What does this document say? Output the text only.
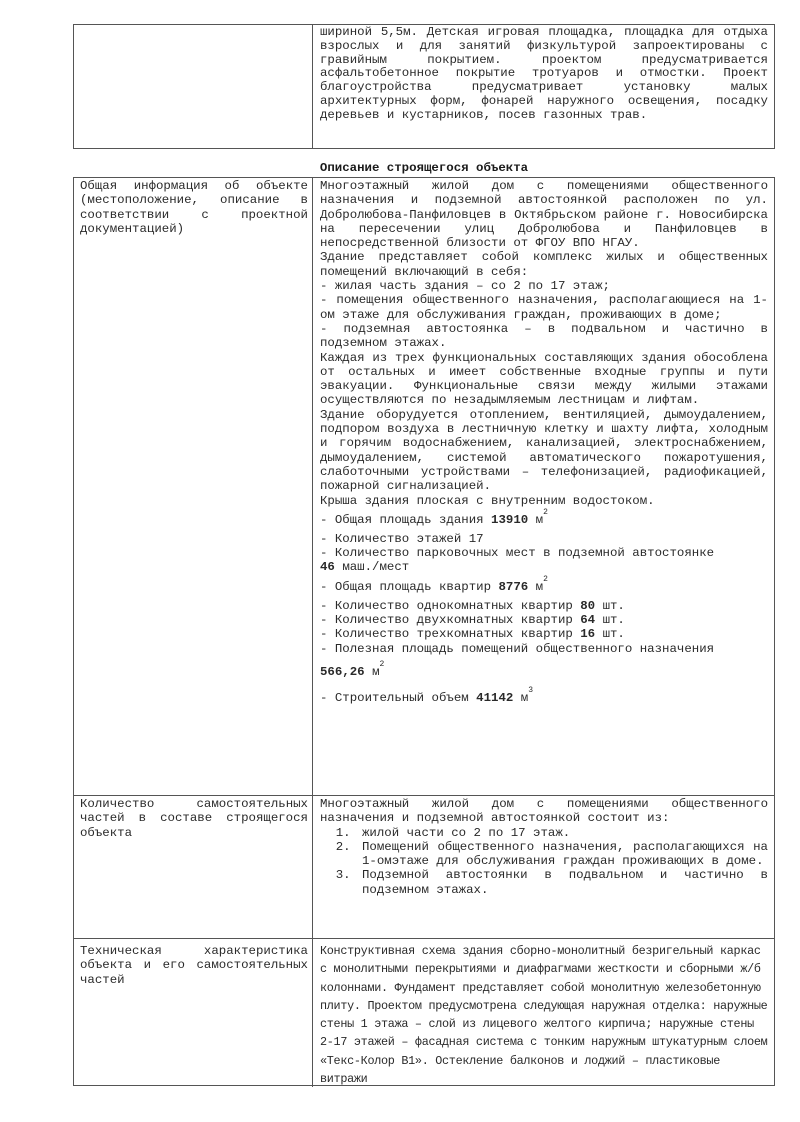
шириной 5,5м. Детская игровая площадка, площадка для отдыха взрослых и для занятий физкультурой запроектированы с гравийным покрытием. проектом предусматривается асфальтобетонное покрытие тротуаров и отмостки. Проект благоустройства предусматривает установку малых архитектурных форм, фонарей наружного освещения, посадку деревьев и кустарников, посев газонных трав.

Описание строящегося объекта

Общая информация об объекте (местоположение, описание в соответствии с проектной документацией)

Многоэтажный жилой дом с помещениями общественного назначения и подземной автостоянкой расположен по ул. Добролюбова-Панфиловцев в Октябрьском районе г. Новосибирска на пересечении улиц Добролюбова и Панфиловцев в непосредственной близости от ФГОУ ВПО НГАУ.

Здание представляет собой комплекс жилых и общественных помещений включающий в себя:

- жилая часть здания – со 2 по 17 этаж;

- помещения общественного назначения, располагающиеся на 1-ом этаже для обслуживания граждан, проживающих в доме;

- подземная автостоянка – в подвальном и частично в подземном этажах.

Каждая из трех функциональных составляющих здания обособлена от остальных и имеет собственные входные группы и пути эвакуации. Функциональные связи между жилыми этажами осуществляются по незадымляемым лестницам и лифтам.

Здание оборудуется отоплением, вентиляцией, дымоудалением, подпором воздуха в лестничную клетку и шахту лифта, холодным и горячим водоснабжением, канализацией, электроснабжением, дымоудалением, системой автоматического пожаротушения, слаботочными устройствами – телефонизацией, радиофикацией, пожарной сигнализацией.

Крыша здания плоская с внутренним водостоком.

- Общая площадь здания 13910 $м^2$

- Количество этажей 17

- Количество парковочных мест в подземной автостоянке
46 маш./мест

- Общая площадь квартир 8776 $м^2$

- Количество однокомнатных квартир 80 шт.

- Количество двухкомнатных квартир 64 шт.

- Количество трехкомнатных квартир 16 шт.

- Полезная площадь помещений общественного назначения

566,26 $м^2$

- Строительный объем 41142 $м^3$

Количество самостоятельных частей в составе строящегося объекта

Многоэтажный жилой дом с помещениями общественного назначения и подземной автостоянкой состоит из:

1. жилой части со 2 по 17 этаж.
2. Помещений общественного назначения, располагающихся на 1-омэтаже для обслуживания граждан проживающих в доме.
3. Подземной автостоянки в подвальном и частично в подземном этажах.

Техническая характеристика объекта и его самостоятельных частей

Конструктивная схема здания сборно-монолитный безригельный каркас с монолитными перекрытиями и диафрагмами жесткости и сборными ж/б колоннами. Фундамент представляет собой монолитную железобетонную плиту. Проектом предусмотрена следующая наружная отделка: наружные стены 1 этажа – слой из лицевого желтого кирпича; наружные стены 2-17 этажей – фасадная система с тонким наружным штукатурным слоем «Текс-Колор В1». Остекление балконов и лоджий – пластиковые витражи
